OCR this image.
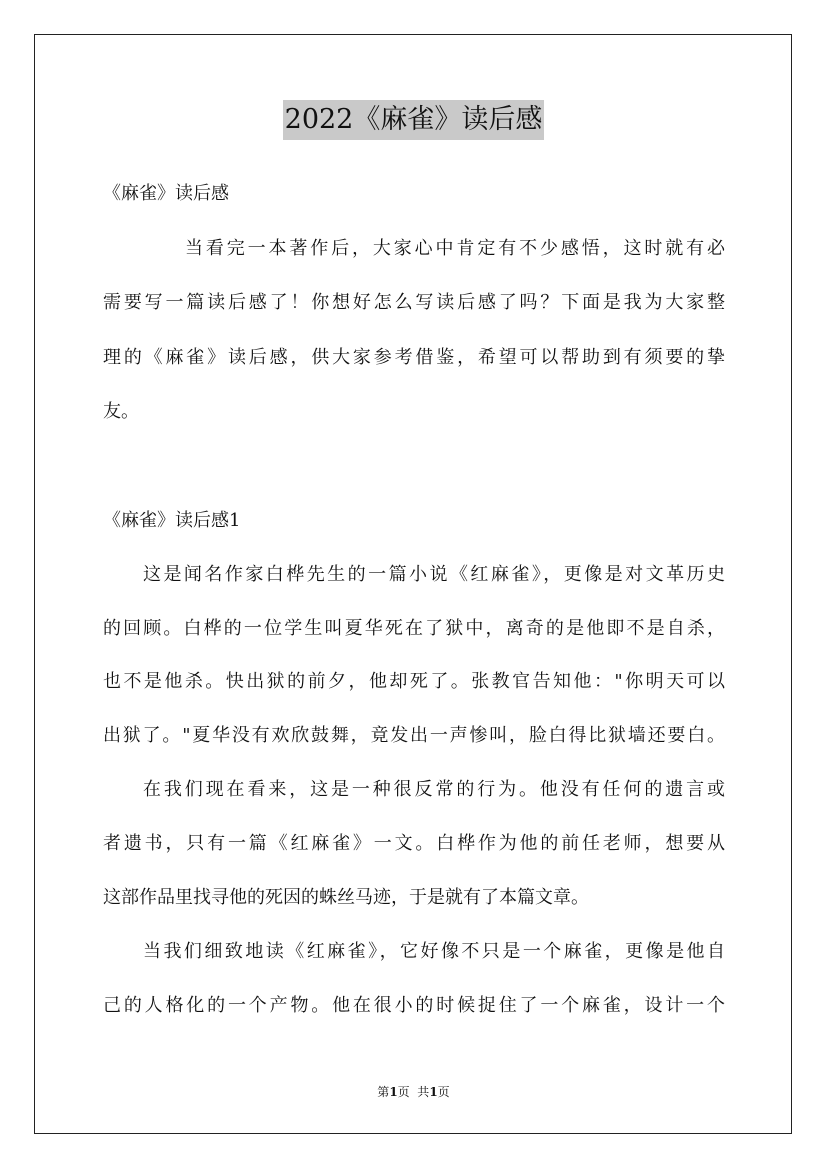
2022《麻雀》读后感
《麻雀》读后感
当看完一本著作后，大家心中肯定有不少感悟，这时就有必
需要写一篇读后感了！你想好怎么写读后感了吗？下面是我为大家整
理的《麻雀》读后感，供大家参考借鉴，希望可以帮助到有须要的挚
友。
《麻雀》读后感1
这是闻名作家白桦先生的一篇小说《红麻雀》，更像是对文革历史
的回顾。白桦的一位学生叫夏华死在了狱中，离奇的是他即不是自杀，
也不是他杀。快出狱的前夕，他却死了。张教官告知他："你明天可以
出狱了。"夏华没有欢欣鼓舞，竟发出一声惨叫，脸白得比狱墙还要白。
在我们现在看来，这是一种很反常的行为。他没有任何的遗言或
者遗书，只有一篇《红麻雀》一文。白桦作为他的前任老师，想要从
这部作品里找寻他的死因的蛛丝马迹，于是就有了本篇文章。
当我们细致地读《红麻雀》，它好像不只是一个麻雀，更像是他自
己的人格化的一个产物。他在很小的时候捉住了一个麻雀，设计一个
第1页  共1页
